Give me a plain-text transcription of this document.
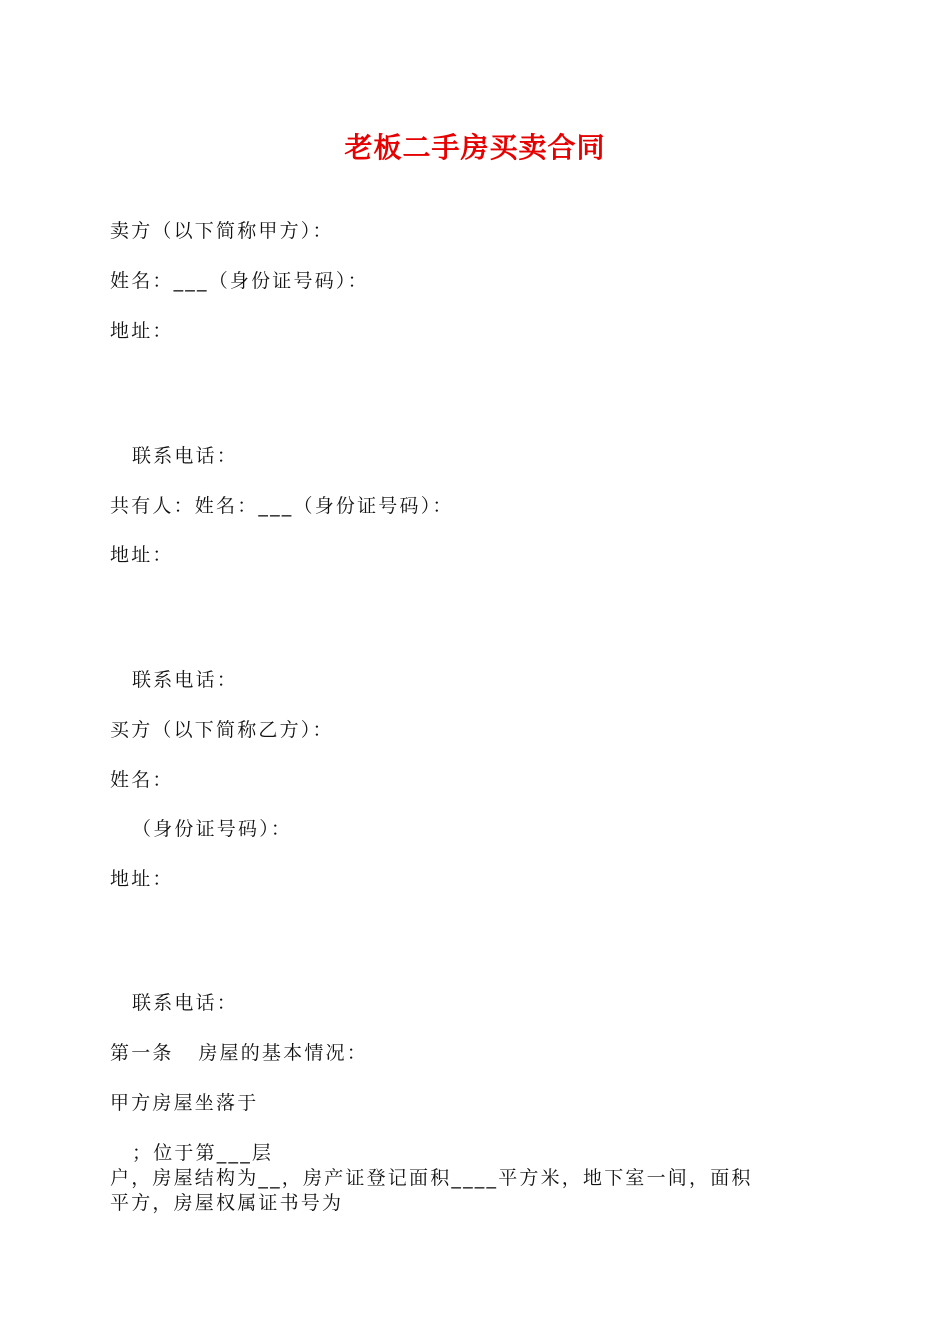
老板二手房买卖合同
卖方（以下简称甲方）：
姓名：___（身份证号码）：
地址：
联系电话：
共有人：姓名：___（身份证号码）：
地址：
联系电话：
买方（以下简称乙方）：
姓名：
（身份证号码）：
地址：
联系电话：
第一条   房屋的基本情况：
甲方房屋坐落于
；位于第___层
户，房屋结构为__，房产证登记面积____平方米，地下室一间，面积
平方，房屋权属证书号为
